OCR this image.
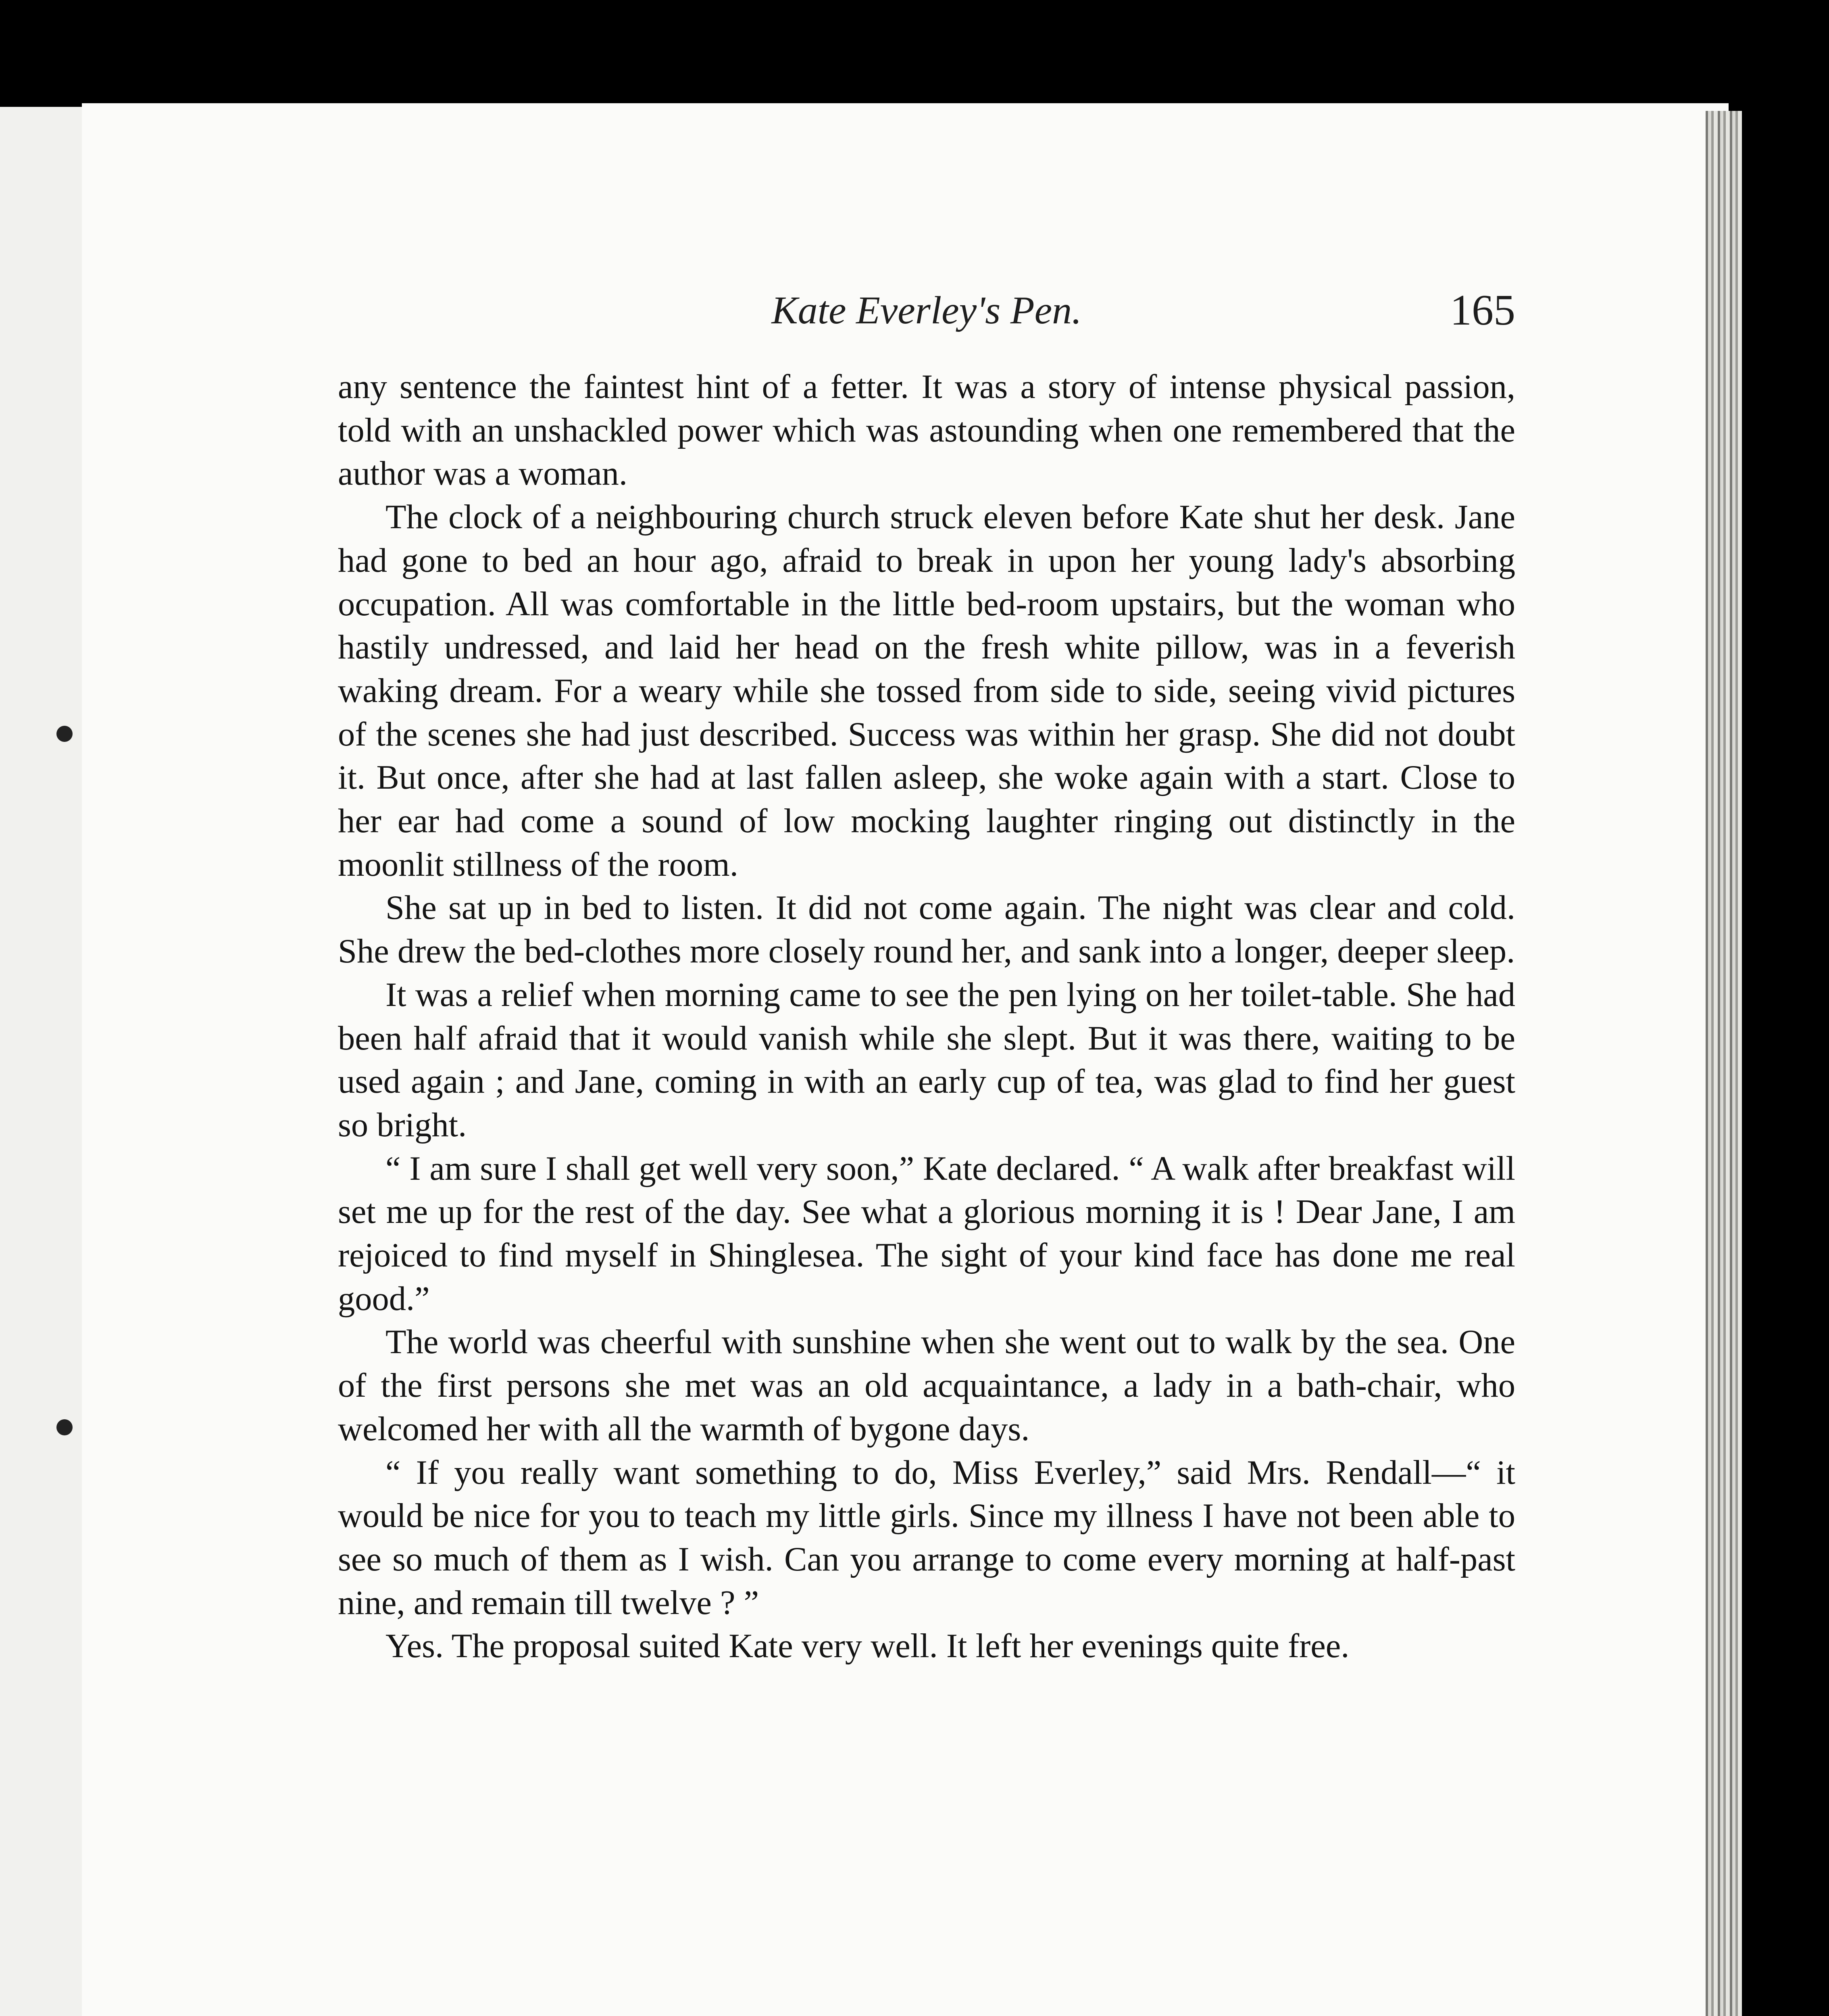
Kate Everley's Pen.	165

any sentence the faintest hint of a fetter. It was a story of intense physical passion, told with an unshackled power which was astounding when one remembered that the author was a woman.

The clock of a neighbouring church struck eleven before Kate shut her desk. Jane had gone to bed an hour ago, afraid to break in upon her young lady's absorbing occupation. All was comfortable in the little bed-room upstairs, but the woman who hastily undressed, and laid her head on the fresh white pillow, was in a feverish waking dream. For a weary while she tossed from side to side, seeing vivid pictures of the scenes she had just described. Success was within her grasp. She did not doubt it. But once, after she had at last fallen asleep, she woke again with a start. Close to her ear had come a sound of low mocking laughter ringing out distinctly in the moonlit stillness of the room.

She sat up in bed to listen. It did not come again. The night was clear and cold. She drew the bed-clothes more closely round her, and sank into a longer, deeper sleep.

It was a relief when morning came to see the pen lying on her toilet-table. She had been half afraid that it would vanish while she slept. But it was there, waiting to be used again ; and Jane, coming in with an early cup of tea, was glad to find her guest so bright.

“ I am sure I shall get well very soon,” Kate declared. “ A walk after breakfast will set me up for the rest of the day. See what a glorious morning it is ! Dear Jane, I am rejoiced to find myself in Shinglesea. The sight of your kind face has done me real good.”

The world was cheerful with sunshine when she went out to walk by the sea. One of the first persons she met was an old acquaintance, a lady in a bath-chair, who welcomed her with all the warmth of bygone days.

“ If you really want something to do, Miss Everley,” said Mrs. Rendall—“ it would be nice for you to teach my little girls. Since my illness I have not been able to see so much of them as I wish. Can you arrange to come every morning at half-past nine, and remain till twelve ? ”

Yes. The proposal suited Kate very well. It left her evenings quite free.
